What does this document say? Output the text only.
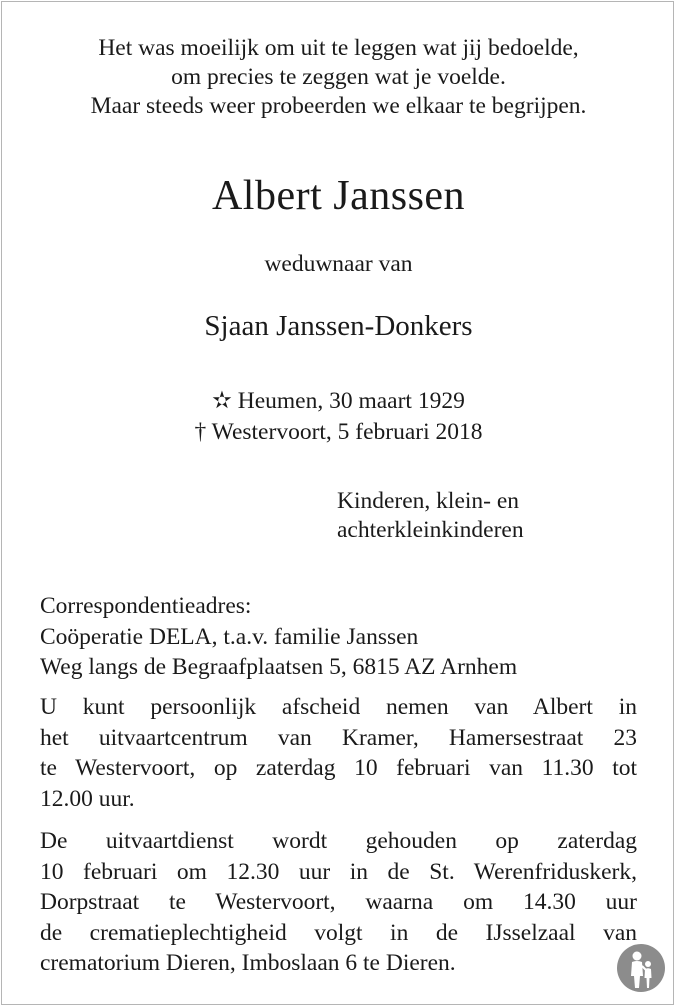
Het was moeilijk om uit te leggen wat jij bedoelde,
om precies te zeggen wat je voelde.
Maar steeds weer probeerden we elkaar te begrijpen.
Albert Janssen
weduwnaar van
Sjaan Janssen-Donkers
✫ Heumen, 30 maart 1929
† Westervoort, 5 februari 2018
Kinderen, klein- en
achterkleinkinderen
Correspondentieadres:
Coöperatie DELA, t.a.v. familie Janssen
Weg langs de Begraafplaatsen 5, 6815 AZ Arnhem
U kunt persoonlijk afscheid nemen van Albert in
het uitvaartcentrum van Kramer, Hamersestraat 23
te Westervoort, op zaterdag 10 februari van 11.30 tot
12.00 uur.
De uitvaartdienst wordt gehouden op zaterdag
10 februari om 12.30 uur in de St. Werenfriduskerk,
Dorpstraat te Westervoort, waarna om 14.30 uur
de crematieplechtigheid volgt in de IJsselzaal van
crematorium Dieren, Imboslaan 6 te Dieren.
